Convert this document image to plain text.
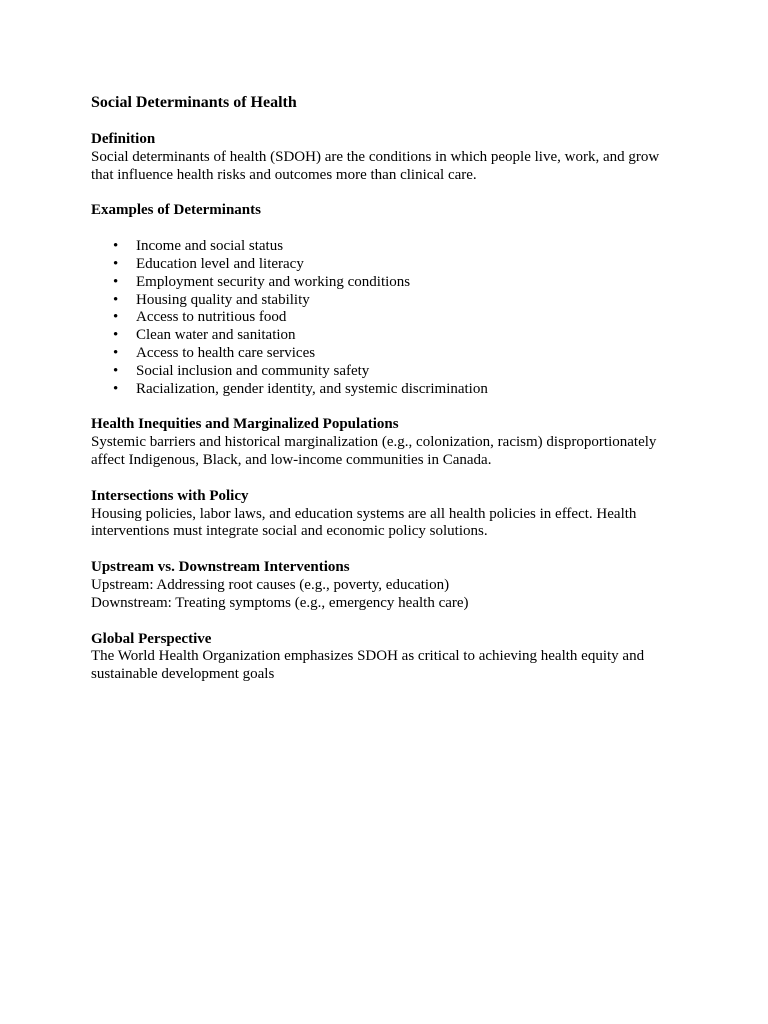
Social Determinants of Health

Definition

Social determinants of health (SDOH) are the conditions in which people live, work, and grow that influence health risks and outcomes more than clinical care.

Examples of Determinants

• Income and social status
• Education level and literacy
• Employment security and working conditions
• Housing quality and stability
• Access to nutritious food
• Clean water and sanitation
• Access to health care services
• Social inclusion and community safety
• Racialization, gender identity, and systemic discrimination

Health Inequities and Marginalized Populations

Systemic barriers and historical marginalization (e.g., colonization, racism) disproportionately affect Indigenous, Black, and low-income communities in Canada.

Intersections with Policy

Housing policies, labor laws, and education systems are all health policies in effect. Health interventions must integrate social and economic policy solutions.

Upstream vs. Downstream Interventions

Upstream: Addressing root causes (e.g., poverty, education)

Downstream: Treating symptoms (e.g., emergency health care)

Global Perspective

The World Health Organization emphasizes SDOH as critical to achieving health equity and sustainable development goals
